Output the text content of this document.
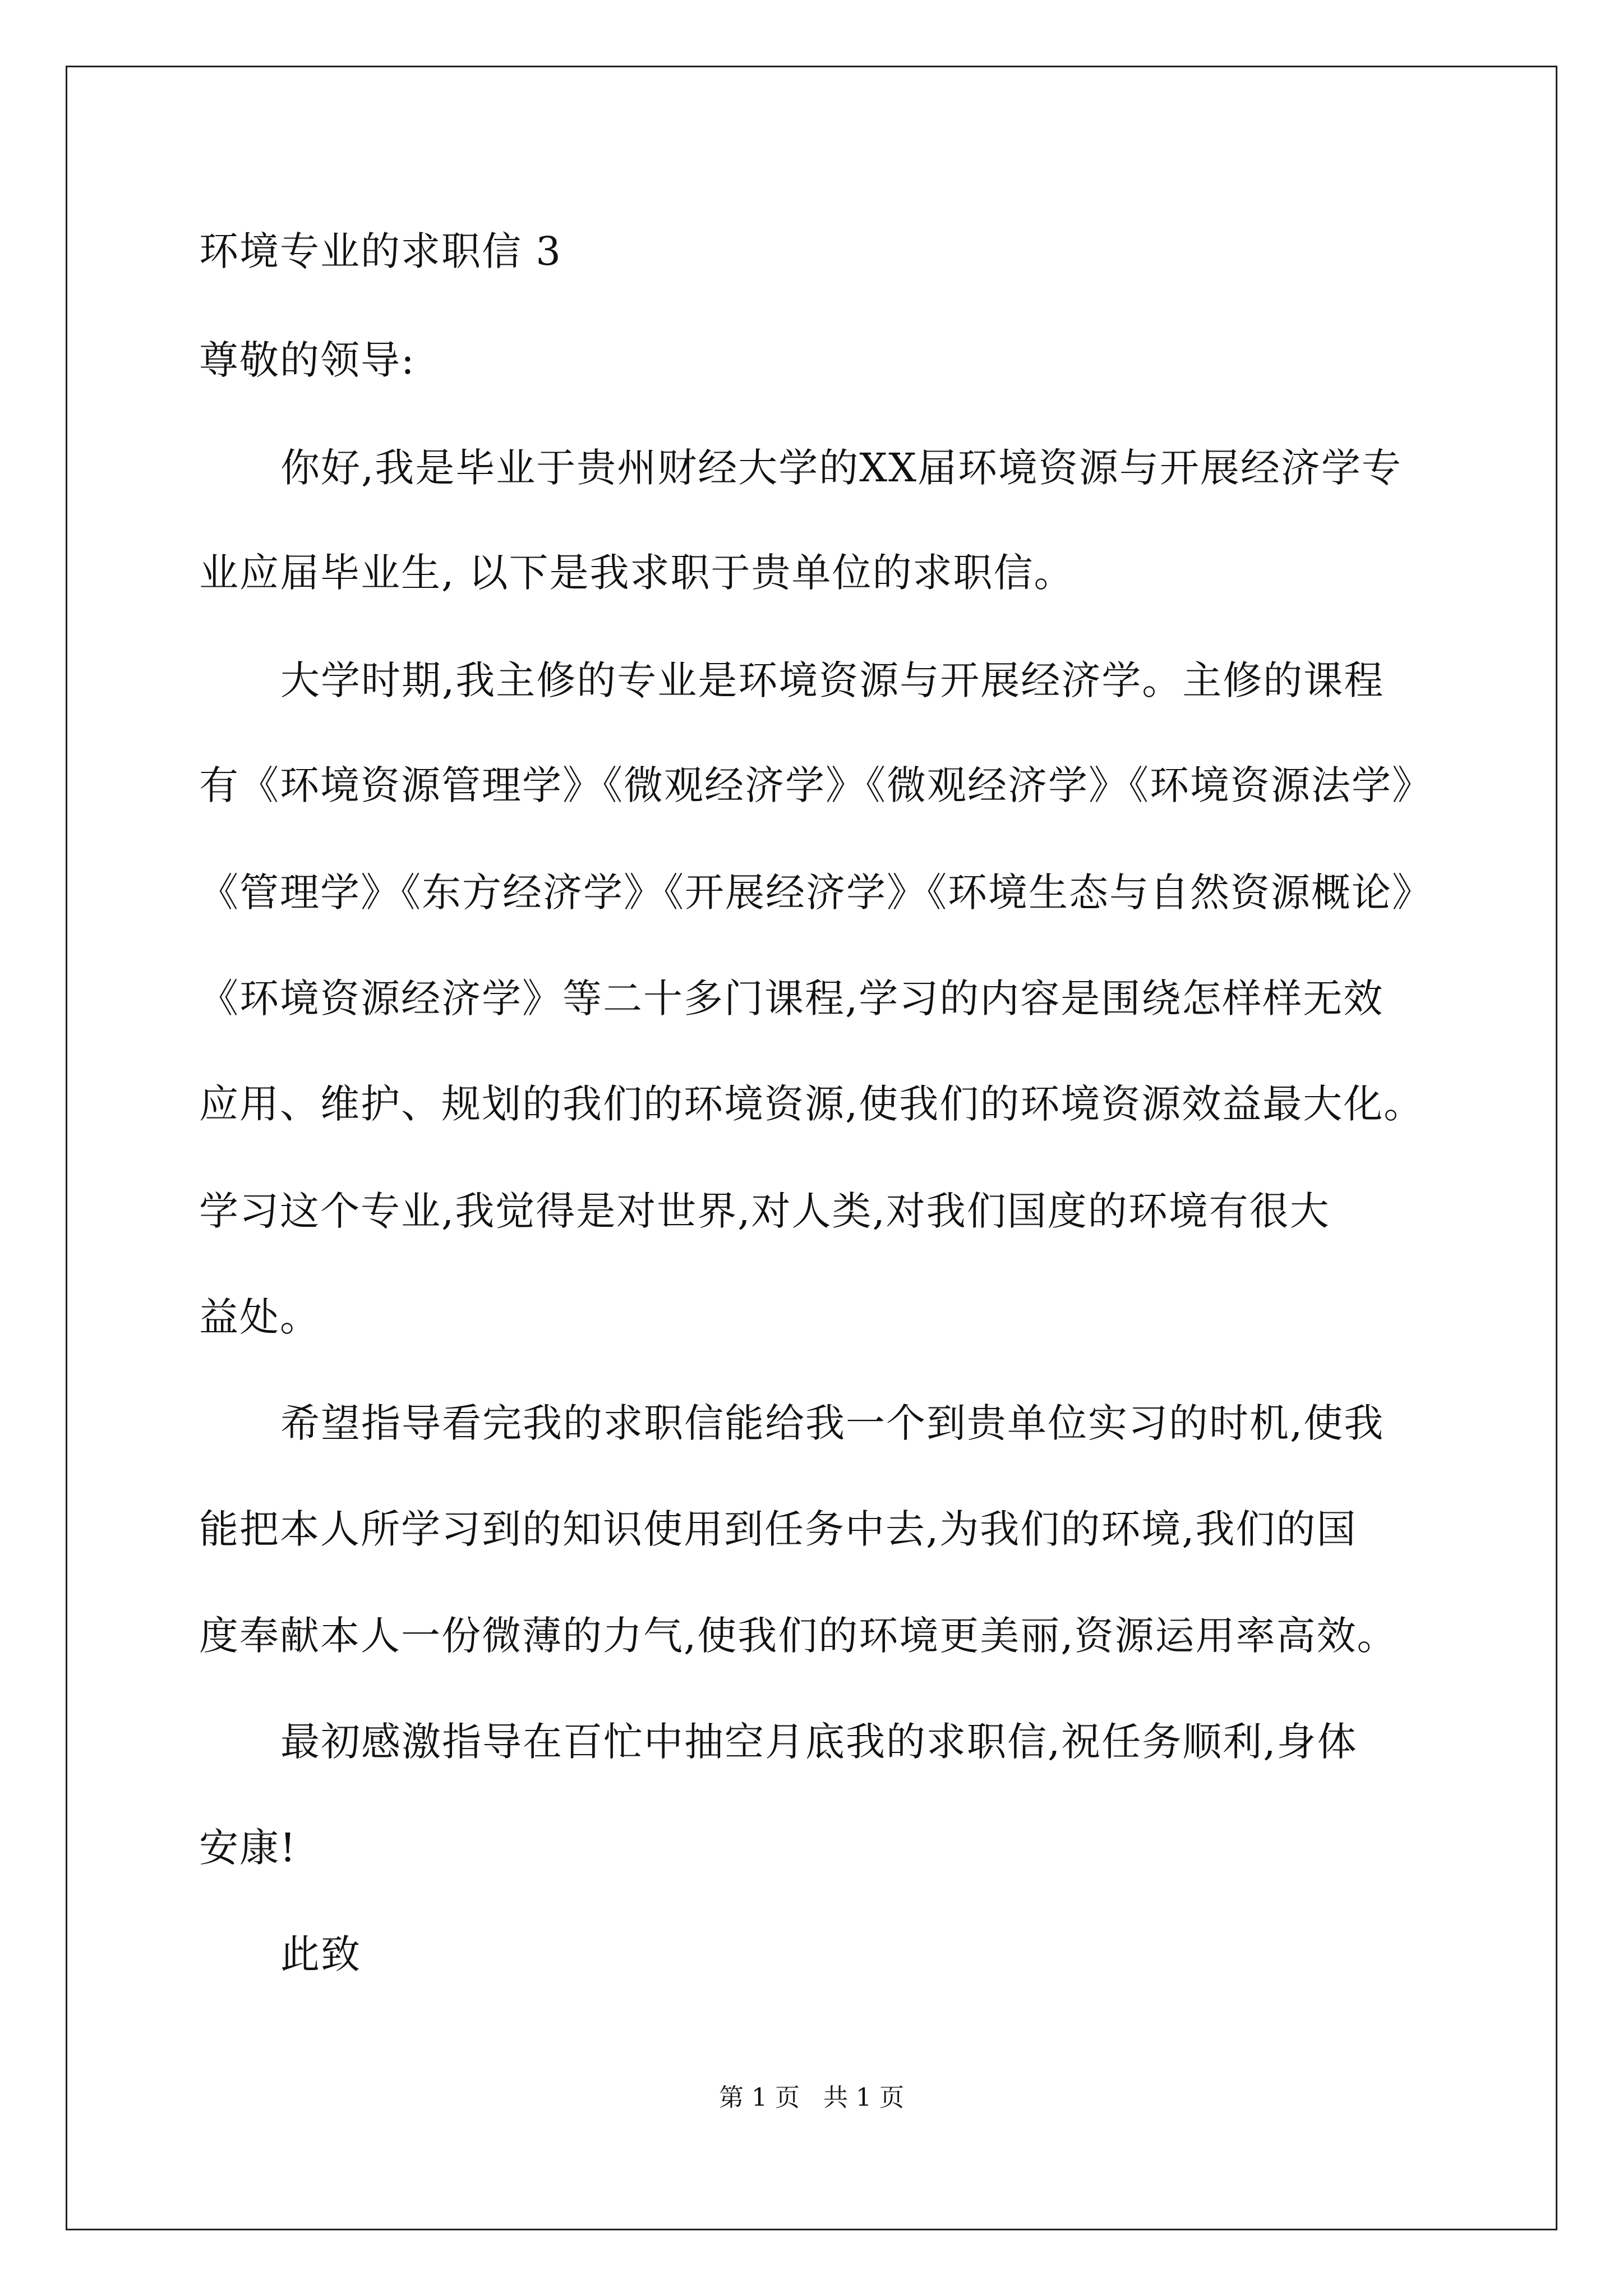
环境专业的求职信 3
尊敬的领导:
你好,我是毕业于贵州财经大学的XX届环境资源与开展经济学专
业应届毕业生, 以下是我求职于贵单位的求职信。
大学时期,我主修的专业是环境资源与开展经济学。主修的课程
有《环境资源管理学》《微观经济学》《微观经济学》《环境资源法学》
《管理学》《东方经济学》《开展经济学》《环境生态与自然资源概论》
《环境资源经济学》等二十多门课程,学习的内容是围绕怎样样无效
应用、维护、规划的我们的环境资源,使我们的环境资源效益最大化。
学习这个专业,我觉得是对世界,对人类,对我们国度的环境有很大
益处。
希望指导看完我的求职信能给我一个到贵单位实习的时机,使我
能把本人所学习到的知识使用到任务中去,为我们的环境,我们的国
度奉献本人一份微薄的力气,使我们的环境更美丽,资源运用率高效。
最初感激指导在百忙中抽空月底我的求职信,祝任务顺利,身体
安康!
此致
第 1 页   共 1 页
